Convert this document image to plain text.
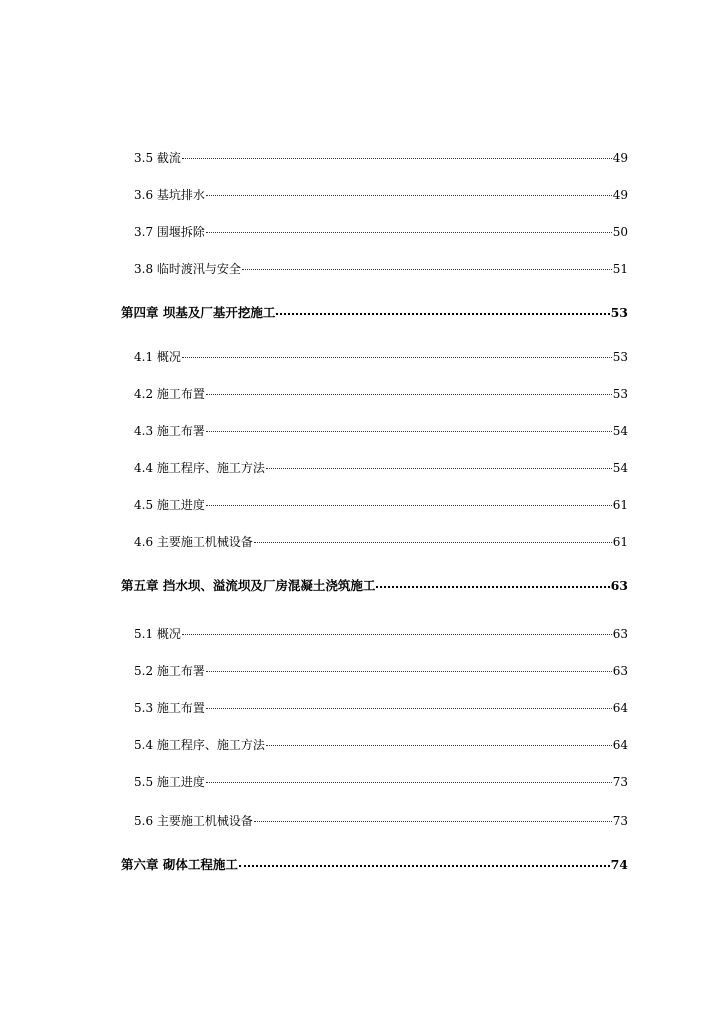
3.5 截流	49
3.6 基坑排水	49
3.7 围堰拆除	50
3.8 临时渡汛与安全	51
第四章 坝基及厂基开挖施工	53
4.1 概况	53
4.2 施工布置	53
4.3 施工布署	54
4.4 施工程序、施工方法	54
4.5 施工进度	61
4.6 主要施工机械设备	61
第五章 挡水坝、溢流坝及厂房混凝土浇筑施工	63
5.1 概况	63
5.2 施工布署	63
5.3 施工布置	64
5.4 施工程序、施工方法	64
5.5 施工进度	73
5.6 主要施工机械设备	73
第六章 砌体工程施工	74
